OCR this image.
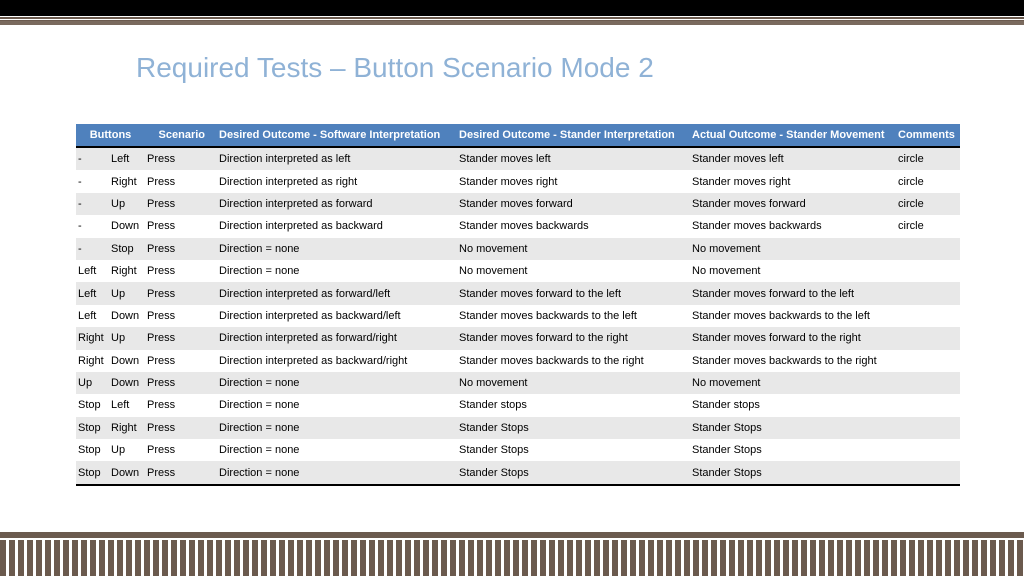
Required Tests – Button Scenario Mode 2
Buttons		Scenario	Desired Outcome - Software Interpretation	Desired Outcome - Stander Interpretation	Actual Outcome - Stander Movement	Comments
-	Left	Press	Direction interpreted as left	Stander moves left	Stander moves left	circle
-	Right	Press	Direction interpreted as right	Stander moves right	Stander moves right	circle
-	Up	Press	Direction interpreted as forward	Stander moves forward	Stander moves forward	circle
-	Down	Press	Direction interpreted as backward	Stander moves backwards	Stander moves backwards	circle
-	Stop	Press	Direction = none	No movement	No movement	
Left	Right	Press	Direction = none	No movement	No movement	
Left	Up	Press	Direction interpreted as forward/left	Stander moves forward to the left	Stander moves forward to the left	
Left	Down	Press	Direction interpreted as backward/left	Stander moves backwards to the left	Stander moves backwards to the left	
Right	Up	Press	Direction interpreted as forward/right	Stander moves forward to the right	Stander moves forward to the right	
Right	Down	Press	Direction interpreted as backward/right	Stander moves backwards to the right	Stander moves backwards to the right	
Up	Down	Press	Direction = none	No movement	No movement	
Stop	Left	Press	Direction = none	Stander stops	Stander stops	
Stop	Right	Press	Direction = none	Stander Stops	Stander Stops	
Stop	Up	Press	Direction = none	Stander Stops	Stander Stops	
Stop	Down	Press	Direction = none	Stander Stops	Stander Stops	
